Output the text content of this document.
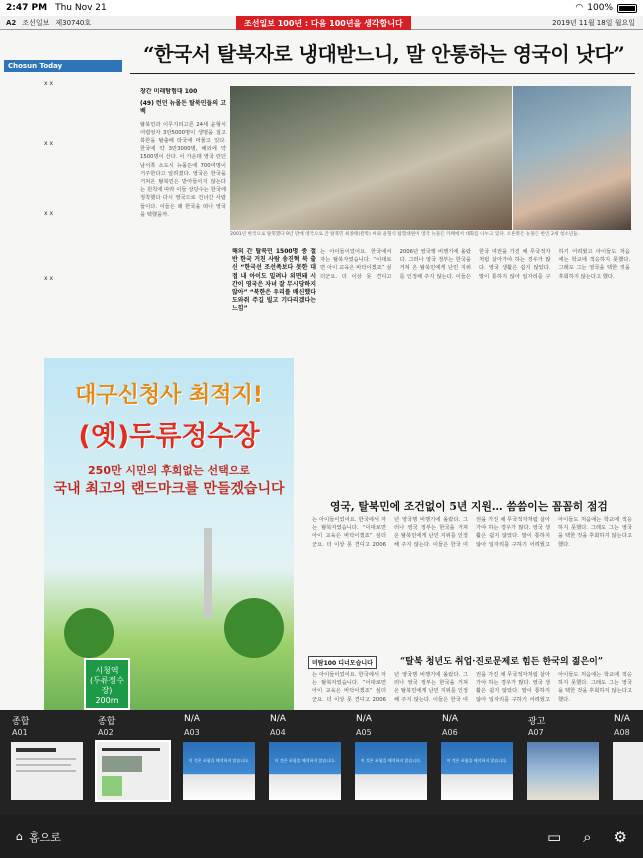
2:47 PM Thu Nov 21	◠ 100%
A2 조선일보 제30740호	조선일보 100년 : 다음 100년을 생각합니다	2019년 11월 18일 월요일
Chosun Today
x x
x x
x x
x x
“한국서 탈북자로 냉대받느니, 말 안통하는 영국이 낫다”
창간 미래탐험대 100
(49) 런던 뉴몰든 탈북민들의 고백
탈북민과 이무지리고른 24세 윤형식 어렵엉자 3만5000명이 생명을 걸고 북한을 탈출해 타국에 머물고 있다. 한국에 약 3만3000명, 해외에 약 1500명이 산다. 이 가운데 영국 런던 남서쪽 소도시 뉴몰든에 700여명이 거주한다고 알려졌다. 영국은 한국을 거쳐온 탈북민은 받아들이지 않는다는 원칙에 따라 이들 상당수는 한국에 정착했다 다시 영국으로 건너간 사람들이다. 이들은 왜 한국을 떠나 영국을 택했을까.
2001년 한국으로 탈북했다 9년 만에 영국으로 간 탈북민 최종태(왼쪽) 씨와 윤형식 탐험대원이 영국 뉴몰든 카페에서 대화를 나누고 있다. 오른쪽은 뉴몰든 한인 2세 청소년들.
해외 간 탈북민 1500명 중 절반 한국 거친 사람 송진혁 북 출신 “한국선 조선족보다 못한 대접 내 아이도 밀려나 외면돼 시간이 영국은 자녀 잘 무시당하지 않아” “북한은 우리를 배신했다 도와줘 주길 빌고 기다리겠다는 느낌”
는 아이들이었어요. 한국에서 자는 탈북자였습니다. “이대로면 아이 교육은 바닥이겠죠” 싶더군요. 더 이상 못 견디고 2006년 영국행 비행기에 올랐다. 그러나 영국 정부는 한국을 거쳐 온 탈북민에게 난민 지위를 인정해 주지 않는다. 이들은 한국 여권을 가진 채 무국적자처럼 살아가야 하는 경우가 많다. 영국 생활은 쉽지 않았다. 말이 통하지 않아 일자리를 구하기 어려웠고 아이들도 처음에는 학교에 적응하지 못했다. 그래도 그는 영국을 택한 것을 후회하지 않는다고 했다.
대구신청사 최적지!
(옛)두류정수장
250만 시민의 후회없는 선택으로
국내 최고의 랜드마크를 만들겠습니다
시청역
(두류정수장)
200m
영국, 탈북민에 조건없이 5년 지원… 씀씀이는 꼼꼼히 점검
는 아이들이었어요. 한국에서 자는 탈북자였습니다. “이대로면 아이 교육은 바닥이겠죠” 싶더군요. 더 이상 못 견디고 2006년 영국행 비행기에 올랐다. 그러나 영국 정부는 한국을 거쳐 온 탈북민에게 난민 지위를 인정해 주지 않는다. 이들은 한국 여권을 가진 채 무국적자처럼 살아가야 하는 경우가 많다. 영국 생활은 쉽지 않았다. 말이 통하지 않아 일자리를 구하기 어려웠고 아이들도 처음에는 학교에 적응하지 못했다. 그래도 그는 영국을 택한 것을 후회하지 않는다고 했다.
미탐100 디너모습니다	“탈북 청년도 취업·진로문제로 힘든 한국의 젊은이”
는 아이들이었어요. 한국에서 자는 탈북자였습니다. “이대로면 아이 교육은 바닥이겠죠” 싶더군요. 더 이상 못 견디고 2006년 영국행 비행기에 올랐다. 그러나 영국 정부는 한국을 거쳐 온 탈북민에게 난민 지위를 인정해 주지 않는다. 이들은 한국 여권을 가진 채 무국적자처럼 살아가야 하는 경우가 많다. 영국 생활은 쉽지 않았다. 말이 통하지 않아 일자리를 구하기 어려웠고 아이들도 처음에는 학교에 적응하지 못했다. 그래도 그는 영국을 택한 것을 후회하지 않는다고 했다.
종합
A01
종합
A02
N/A
A03
이 것은 포함을 해석하지 않습니다.
N/A
A04
이 것은 포함을 해석하지 않습니다.
N/A
A05
이 것은 포함을 해석하지 않습니다.
N/A
A06
이 것은 포함을 해석하지 않습니다.
광고
A07
N/A
A08
⌂ 홈으로	▭ ⌕ ⚙
